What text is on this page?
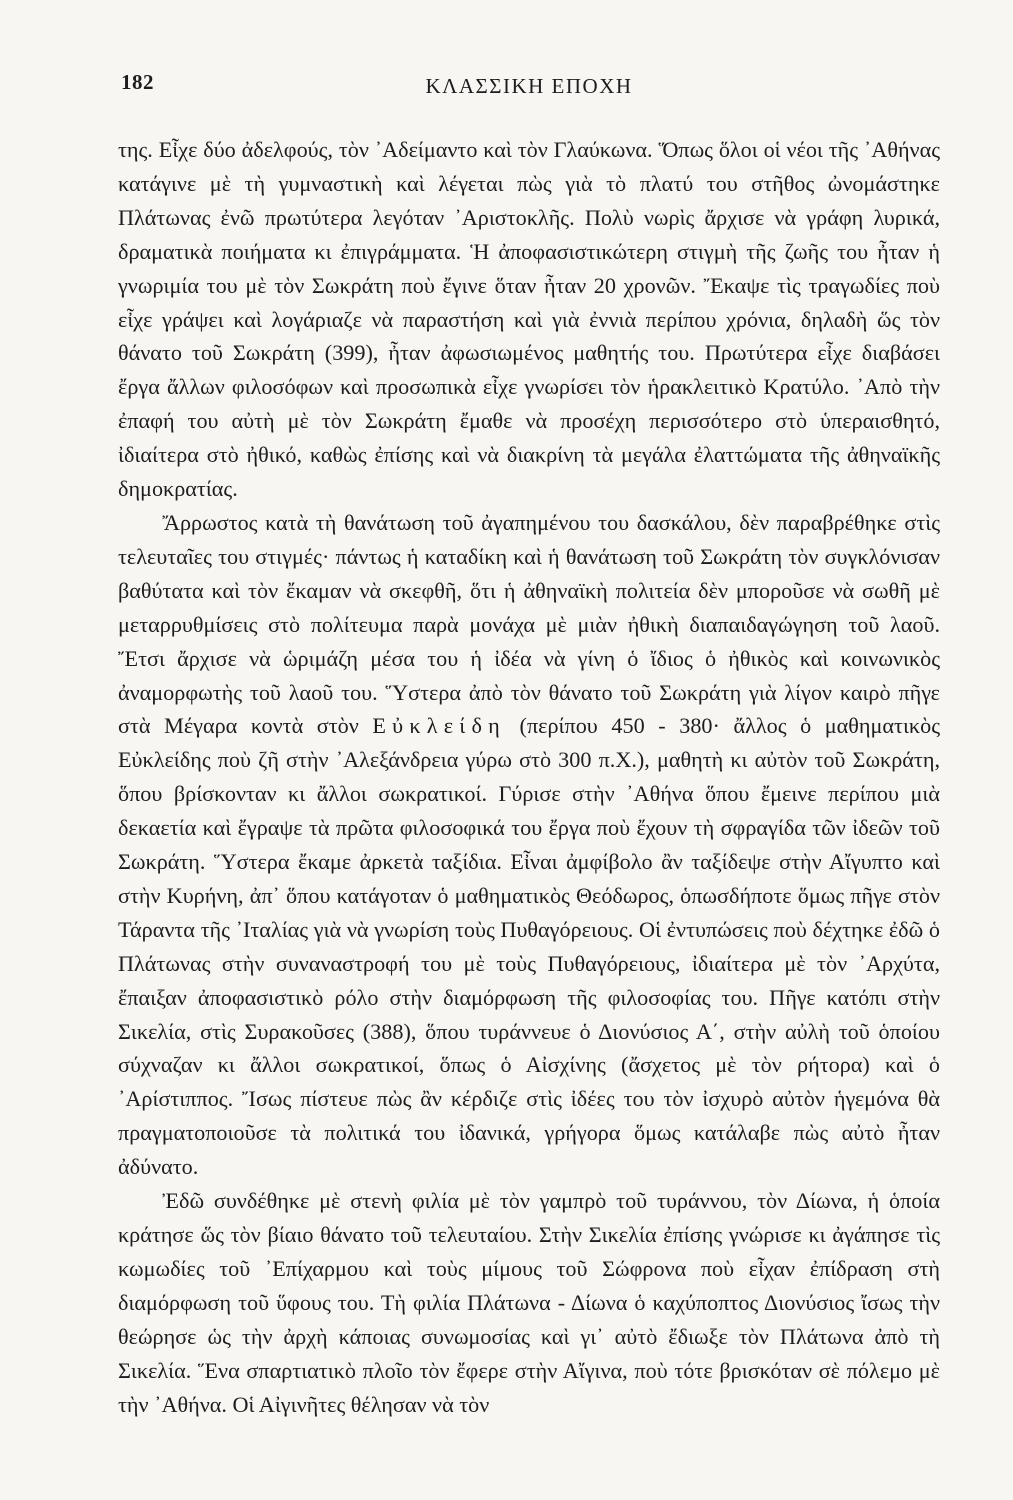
182	ΚΛΑΣΣΙΚΗ ΕΠΟΧΗ

της. Εἶχε δύο ἀδελφούς, τὸν ᾿Αδείμαντο καὶ τὸν Γλαύκωνα. Ὅπως ὅλοι οἱ νέοι τῆς ᾿Αθήνας κατάγινε μὲ τὴ γυμναστικὴ καὶ λέγεται πὼς γιὰ τὸ πλατύ του στῆθος ὠνομάστηκε Πλάτωνας ἐνῶ πρωτύτερα λεγόταν ᾿Αριστοκλῆς. Πολὺ νωρὶς ἄρχισε νὰ γράφη λυρικά, δραματικὰ ποιήματα κι ἐπιγράμματα. Ἡ ἀποφασιστικώτερη στιγμὴ τῆς ζωῆς του ἦταν ἡ γνωριμία του μὲ τὸν Σωκράτη ποὺ ἔγινε ὅταν ἦταν 20 χρονῶν. Ἔκαψε τὶς τραγωδίες ποὺ εἶχε γράψει καὶ λογάριαζε νὰ παραστήση καὶ γιὰ ἐννιὰ περίπου χρόνια, δηλαδὴ ὥς τὸν θάνατο τοῦ Σωκράτη (399), ἦταν ἀφωσιωμένος μαθητής του. Πρωτύτερα εἶχε διαβάσει ἔργα ἄλλων φιλοσόφων καὶ προσωπικὰ εἶχε γνωρίσει τὸν ἡρακλειτικὸ Κρατύλο. ᾿Απὸ τὴν ἐπαφή του αὐτὴ μὲ τὸν Σωκράτη ἔμαθε νὰ προσέχη περισσότερο στὸ ὑπεραισθητό, ἰδιαίτερα στὸ ἠθικό, καθὼς ἐπίσης καὶ νὰ διακρίνη τὰ μεγάλα ἐλαττώματα τῆς ἀθηναϊκῆς δημοκρατίας.

Ἄρρωστος κατὰ τὴ θανάτωση τοῦ ἀγαπημένου του δασκάλου, δὲν παραβρέθηκε στὶς τελευταῖες του στιγμές· πάντως ἡ καταδίκη καὶ ἡ θανάτωση τοῦ Σωκράτη τὸν συγκλόνισαν βαθύτατα καὶ τὸν ἔκαμαν νὰ σκεφθῆ, ὅτι ἡ ἀθηναϊκὴ πολιτεία δὲν μποροῦσε νὰ σωθῆ μὲ μεταρρυθμίσεις στὸ πολίτευμα παρὰ μονάχα μὲ μιὰν ἠθικὴ διαπαιδαγώγηση τοῦ λαοῦ. Ἔτσι ἄρχισε νὰ ὡριμάζη μέσα του ἡ ἰδέα νὰ γίνη ὁ ἴδιος ὁ ἠθικὸς καὶ κοινωνικὸς ἀναμορφωτὴς τοῦ λαοῦ του. Ὕστερα ἀπὸ τὸν θάνατο τοῦ Σωκράτη γιὰ λίγον καιρὸ πῆγε στὰ Μέγαρα κοντὰ στὸν Εὐκλείδη (περίπου 450 - 380· ἄλλος ὁ μαθηματικὸς Εὐκλείδης ποὺ ζῆ στὴν ᾿Αλεξάνδρεια γύρω στὸ 300 π.Χ.), μαθητὴ κι αὐτὸν τοῦ Σωκράτη, ὅπου βρίσκονταν κι ἄλλοι σωκρατικοί. Γύρισε στὴν ᾿Αθήνα ὅπου ἔμεινε περίπου μιὰ δεκαετία καὶ ἔγραψε τὰ πρῶτα φιλοσοφικά του ἔργα ποὺ ἔχουν τὴ σφραγίδα τῶν ἰδεῶν τοῦ Σωκράτη. Ὕστερα ἔκαμε ἀρκετὰ ταξίδια. Εἶναι ἀμφίβολο ἂν ταξίδεψε στὴν Αἴγυπτο καὶ στὴν Κυρήνη, ἀπ᾿ ὅπου κατάγοταν ὁ μαθηματικὸς Θεόδωρος, ὁπωσδήποτε ὅμως πῆγε στὸν Τάραντα τῆς ᾿Ιταλίας γιὰ νὰ γνωρίση τοὺς Πυθαγόρειους. Οἱ ἐντυπώσεις ποὺ δέχτηκε ἐδῶ ὁ Πλάτωνας στὴν συναναστροφή του μὲ τοὺς Πυθαγόρειους, ἰδιαίτερα μὲ τὸν ᾿Αρχύτα, ἔπαιξαν ἀποφασιστικὸ ρόλο στὴν διαμόρφωση τῆς φιλοσοφίας του. Πῆγε κατόπι στὴν Σικελία, στὶς Συρακοῦσες (388), ὅπου τυράννευε ὁ Διονύσιος Α΄, στὴν αὐλὴ τοῦ ὁποίου σύχναζαν κι ἄλλοι σωκρατικοί, ὅπως ὁ Αἰσχίνης (ἄσχετος μὲ τὸν ρήτορα) καὶ ὁ ᾿Αρίστιππος. Ἴσως πίστευε πὼς ἂν κέρδιζε στὶς ἰδέες του τὸν ἰσχυρὸ αὐτὸν ἡγεμόνα θὰ πραγματοποιοῦσε τὰ πολιτικά του ἰδανικά, γρήγορα ὅμως κατάλαβε πὼς αὐτὸ ἦταν ἀδύνατο.

Ἐδῶ συνδέθηκε μὲ στενὴ φιλία μὲ τὸν γαμπρὸ τοῦ τυράννου, τὸν Δίωνα, ἡ ὁποία κράτησε ὥς τὸν βίαιο θάνατο τοῦ τελευταίου. Στὴν Σικελία ἐπίσης γνώρισε κι ἀγάπησε τὶς κωμωδίες τοῦ ᾿Επίχαρμου καὶ τοὺς μίμους τοῦ Σώφρονα ποὺ εἶχαν ἐπίδραση στὴ διαμόρφωση τοῦ ὕφους του. Τὴ φιλία Πλάτωνα - Δίωνα ὁ καχύποπτος Διονύσιος ἴσως τὴν θεώρησε ὡς τὴν ἀρχὴ κάποιας συνωμοσίας καὶ γι᾿ αὐτὸ ἔδιωξε τὸν Πλάτωνα ἀπὸ τὴ Σικελία. Ἕνα σπαρτιατικὸ πλοῖο τὸν ἔφερε στὴν Αἴγινα, ποὺ τότε βρισκόταν σὲ πόλεμο μὲ τὴν ᾿Αθήνα. Οἱ Αἰγινῆτες θέλησαν νὰ τὸν
